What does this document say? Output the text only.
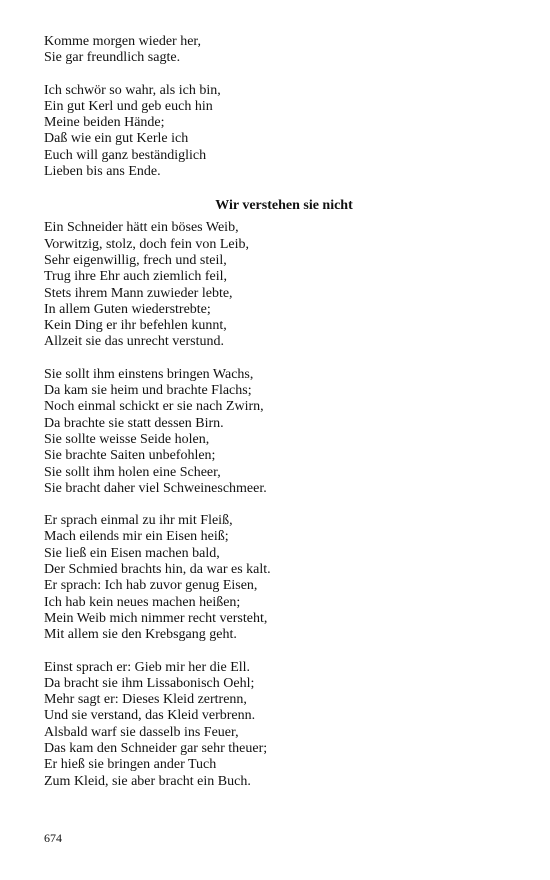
Komme morgen wieder her,
Sie gar freundlich sagte.
Ich schwör so wahr, als ich bin,
Ein gut Kerl und geb euch hin
Meine beiden Hände;
Daß wie ein gut Kerle ich
Euch will ganz beständiglich
Lieben bis ans Ende.
Wir verstehen sie nicht
Ein Schneider hätt ein böses Weib,
Vorwitzig, stolz, doch fein von Leib,
Sehr eigenwillig, frech und steil,
Trug ihre Ehr auch ziemlich feil,
Stets ihrem Mann zuwieder lebte,
In allem Guten wiederstrebte;
Kein Ding er ihr befehlen kunnt,
Allzeit sie das unrecht verstund.
Sie sollt ihm einstens bringen Wachs,
Da kam sie heim und brachte Flachs;
Noch einmal schickt er sie nach Zwirn,
Da brachte sie statt dessen Birn.
Sie sollte weisse Seide holen,
Sie brachte Saiten unbefohlen;
Sie sollt ihm holen eine Scheer,
Sie bracht daher viel Schweineschmeer.
Er sprach einmal zu ihr mit Fleiß,
Mach eilends mir ein Eisen heiß;
Sie ließ ein Eisen machen bald,
Der Schmied brachts hin, da war es kalt.
Er sprach: Ich hab zuvor genug Eisen,
Ich hab kein neues machen heißen;
Mein Weib mich nimmer recht versteht,
Mit allem sie den Krebsgang geht.
Einst sprach er: Gieb mir her die Ell.
Da bracht sie ihm Lissabonisch Oehl;
Mehr sagt er: Dieses Kleid zertrenn,
Und sie verstand, das Kleid verbrenn.
Alsbald warf sie dasselb ins Feuer,
Das kam den Schneider gar sehr theuer;
Er hieß sie bringen ander Tuch
Zum Kleid, sie aber bracht ein Buch.
674
